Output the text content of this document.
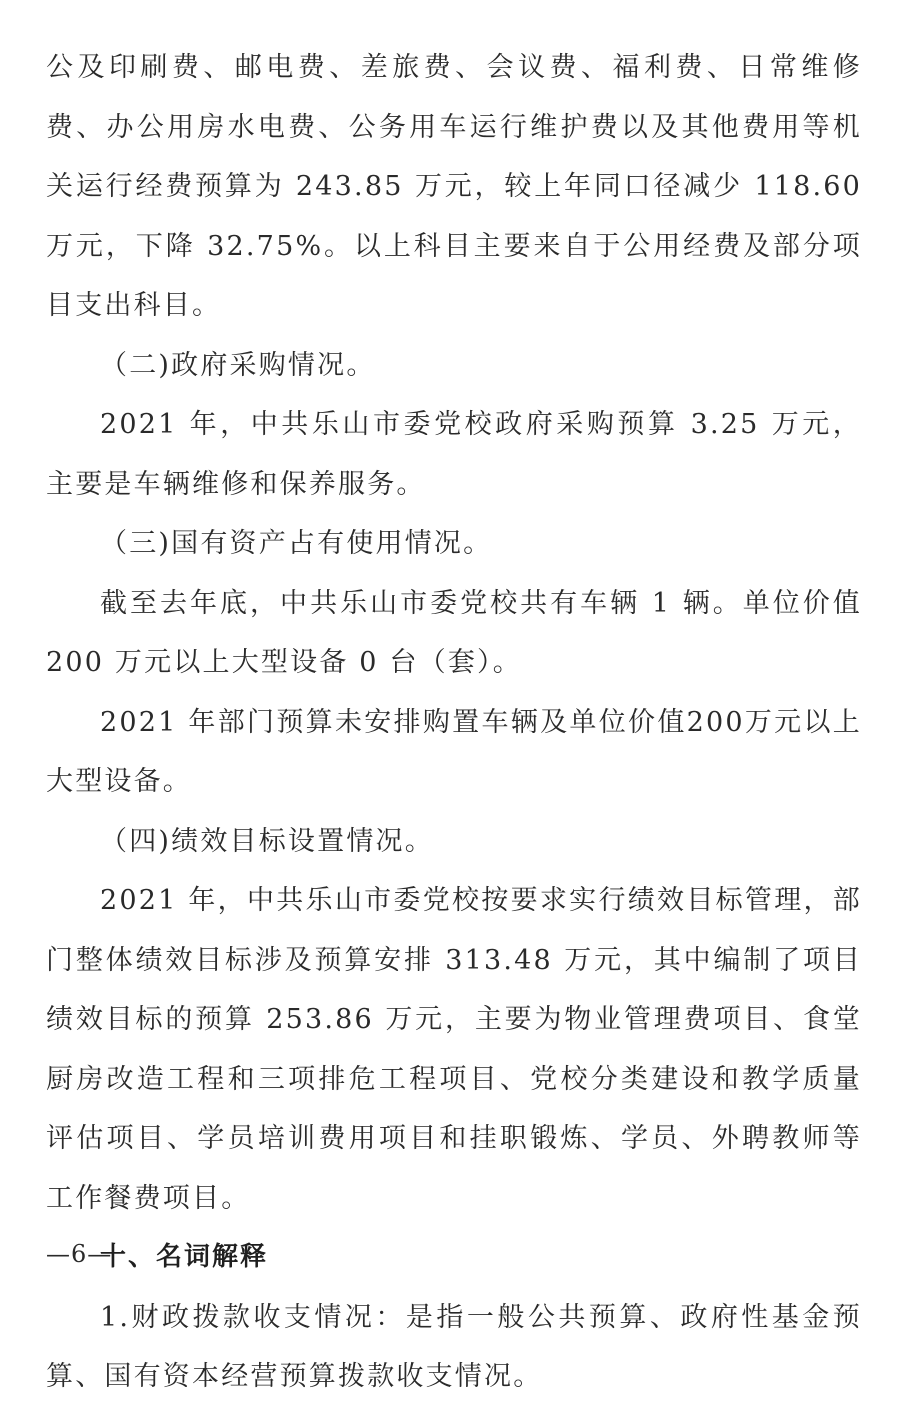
公及印刷费、邮电费、差旅费、会议费、福利费、日常维修费、办公用房水电费、公务用车运行维护费以及其他费用等机关运行经费预算为 243.85 万元，较上年同口径减少 118.60 万元，下降 32.75%。以上科目主要来自于公用经费及部分项目支出科目。

（二)政府采购情况。

2021 年，中共乐山市委党校政府采购预算 3.25 万元，主要是车辆维修和保养服务。

（三)国有资产占有使用情况。

截至去年底，中共乐山市委党校共有车辆 1 辆。单位价值 200 万元以上大型设备 0 台（套）。

2021 年部门预算未安排购置车辆及单位价值200万元以上大型设备。

（四)绩效目标设置情况。

2021 年，中共乐山市委党校按要求实行绩效目标管理，部门整体绩效目标涉及预算安排 313.48 万元，其中编制了项目绩效目标的预算 253.86 万元，主要为物业管理费项目、食堂厨房改造工程和三项排危工程项目、党校分类建设和教学质量评估项目、学员培训费用项目和挂职锻炼、学员、外聘教师等工作餐费项目。

十、名词解释

1.财政拨款收支情况：是指一般公共预算、政府性基金预算、国有资本经营预算拨款收支情况。

—6—
